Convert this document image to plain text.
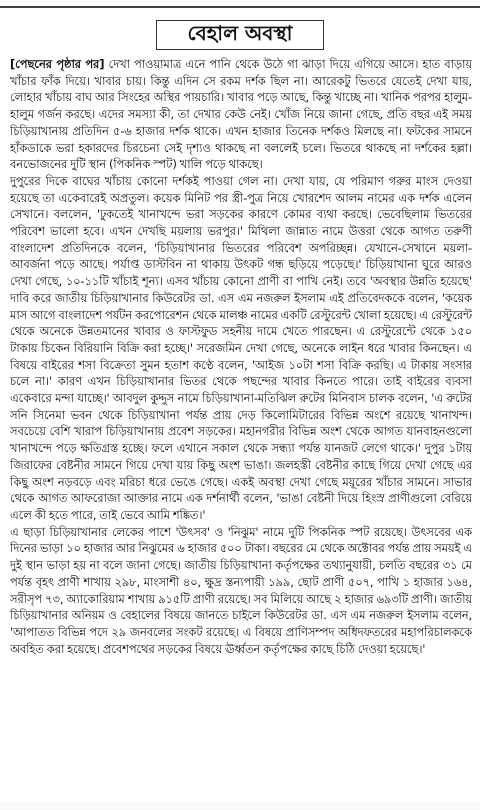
বেহাল অবস্থা

[পেছনের পৃষ্ঠার পর] দেখা পাওয়ামাত্র এনে পানি থেকে উঠে গা ঝাড়া দিয়ে এগিয়ে আসে। হাত বাড়ায় খাঁচার ফাঁক দিয়ে। খাবার চায়। কিন্তু এদিন সে রকম দর্শক ছিল না। আরেকটু ভিতরে যেতেই দেখা যায়, লোহার খাঁচায় বাঘ আর সিংহের অস্থির পায়চারি। খাবার পড়ে আছে, কিন্তু খাচ্ছে না। খানিক পরপর হালুম-হালুম গর্জন করছে। এদের সমস্যা কী, তা দেখার কেউ নেই। খোঁজ নিয়ে জানা গেছে, প্রতি বছর এই সময় চিড়িয়াখানায় প্রতিদিন ৫-৬ হাজার দর্শক থাকে। এখন হাজার তিনেক দর্শকও মিলছে না। ফটকের সামনে হাঁকডাকে ভরা হকারদের চিরচেনা সেই দৃশ্যও থাকছে না বললেই চলে। ভিতরে থাকছে না দর্শকের হল্লা। বনভোজনের দুটি স্থান (পিকনিক স্পট) খালি পড়ে থাকছে।

দুপুরের দিকে বাঘের খাঁচায় কোনো দর্শকই পাওয়া গেল না। দেখা যায়, যে পরিমাণ গরুর মাংস দেওয়া হয়েছে তা একেবারেই অপ্রতুল। কয়েক মিনিট পর স্ত্রী-পুত্র নিয়ে খোরশেদ আলম নামের এক দর্শক এলেন সেখানে। বললেন, 'ঢুকতেই খানাখন্দে ভরা সড়কের কারণে কোমর ব্যথা করছে। ভেবেছিলাম ভিতরের পরিবেশ ভালো হবে। এখন দেখছি ময়লায় ভরপুর।' মিথিলা জান্নাত নামে উত্তরা থেকে আগত তরুণী বাংলাদেশ প্রতিদিনকে বলেন, 'চিড়িয়াখানার ভিতরের পরিবেশ অপরিচ্ছন্ন। যেখানে-সেখানে ময়লা-আবর্জনা পড়ে আছে। পর্যাপ্ত ডাস্টবিন না থাকায় উৎকট গন্ধ ছড়িয়ে পড়েছে।' চিড়িয়াখানা ঘুরে আরও দেখা গেছে, ১০-১১টি খাঁচাই শূন্য। এসব খাঁচায় কোনো প্রাণী বা পাখি নেই। তবে 'অবস্থার উন্নতি হয়েছে' দাবি করে জাতীয় চিড়িয়াখানার কিউরেটর ডা. এস এম নজরুল ইসলাম এই প্রতিবেদককে বলেন, 'কয়েক মাস আগে বাংলাদেশ পর্যটন করপোরেশন থেকে মালঞ্চ নামের একটি রেস্টুরেন্ট খোলা হয়েছে। এ রেস্টুরেন্ট থেকে অনেকে উন্নতমানের খাবার ও ফাস্টফুড সহনীয় দামে খেতে পারছেন। এ রেস্টুরেন্টে থেকে ১৫০ টাকায় চিকেন বিরিয়ানি বিক্রি করা হচ্ছে।' সরেজমিন দেখা গেছে, অনেকে লাইন ধরে খাবার কিনছেন। এ বিষয়ে বাইরের শসা বিক্রেতা সুমন হতাশ কণ্ঠে বলেন, 'আইজ ১০টা শসা বিক্রি করছি। এ টাকায় সংসার চলে না।' কারণ এখন চিড়িয়াখানার ভিতর থেকে পছন্দের খাবার কিনতে পারে। তাই বাইরের ব্যবসা একেবারে মন্দা যাচ্ছে।' আবদুল কুদ্দুস নামে চিড়িয়াখানা-মতিঝিল রুটের মিনিবাস চালক বলেন, 'এ রুটের সনি সিনেমা ভবন থেকে চিড়িয়াখানা পর্যন্ত প্রায় দেড় কিলোমিটারের বিভিন্ন অংশে রয়েছে খানাখন্দ। সবচেয়ে বেশি খারাপ চিড়িয়াখানায় প্রবেশ সড়কের। মহানগরীর বিভিন্ন অংশ থেকে আগত যানবাহনগুলো খানাখন্দে পড়ে ক্ষতিগ্রস্ত হচ্ছে। ফলে এখানে সকাল থেকে সন্ধ্যা পর্যন্ত যানজট লেগে থাকে।' দুপুর ১টায় জিরাফের বেষ্টনীর সামনে গিয়ে দেখা যায় কিছু অংশ ভাঙা। জলহস্তী বেষ্টনীর কাছে গিয়ে দেখা গেছে এর কিছু অংশ নড়বড়ে এবং মরিচা ধরে ভেঙে গেছে। একই অবস্থা দেখা গেছে ময়ূরের খাঁচার সামনে। সাভার থেকে আগত আফরোজা আক্তার নামে এক দর্শনার্থী বলেন, 'ভাঙা বেষ্টনী দিয়ে হিংস্র প্রাণীগুলো বেরিয়ে এলে কী হতে পারে, তাই ভেবে আমি শঙ্কিত।'

এ ছাড়া চিড়িয়াখানার লেকের পাশে 'উৎসব' ও 'নিঝুম' নামে দুটি পিকনিক স্পট রয়েছে। উৎসবের এক দিনের ভাড়া ১০ হাজার আর নিঝুমের ৬ হাজার ৫০০ টাকা। বছরের মে থেকে অক্টোবর পর্যন্ত প্রায় সময়ই এ দুই স্থান ভাড়া হয় না বলে জানা গেছে। জাতীয় চিড়িয়াখানা কর্তৃপক্ষের তথ্যানুযায়ী, চলতি বছরের ৩১ মে পর্যন্ত বৃহৎ প্রাণী শাখায় ২৯৮, মাংসাশী ৪০, ক্ষুদ্র স্তন্যপায়ী ১৯৯, ছোট প্রাণী ৫০৭, পাখি ১ হাজার ১৬৪, সরীসৃপ ৭৩, অ্যাকোরিয়াম শাখায় ৯১৫টি প্রাণী রয়েছে। সব মিলিয়ে আছে ২ হাজার ৬৯৩টি প্রাণী। জাতীয় চিড়িয়াখানার অনিয়ম ও বেহালের বিষয়ে জানতে চাইলে কিউরেটর ডা. এস এম নজরুল ইসলাম বলেন, 'আপাতত বিভিন্ন পদে ২৯ জনবলের সংকট রয়েছে। এ বিষয়ে প্রাণিসম্পদ অধিদফতরের মহাপরিচালককে অবহিত করা হয়েছে। প্রবেশপথের সড়কের বিষয়ে ঊর্ধ্বতন কর্তৃপক্ষের কাছে চিঠি দেওয়া হয়েছে।'
